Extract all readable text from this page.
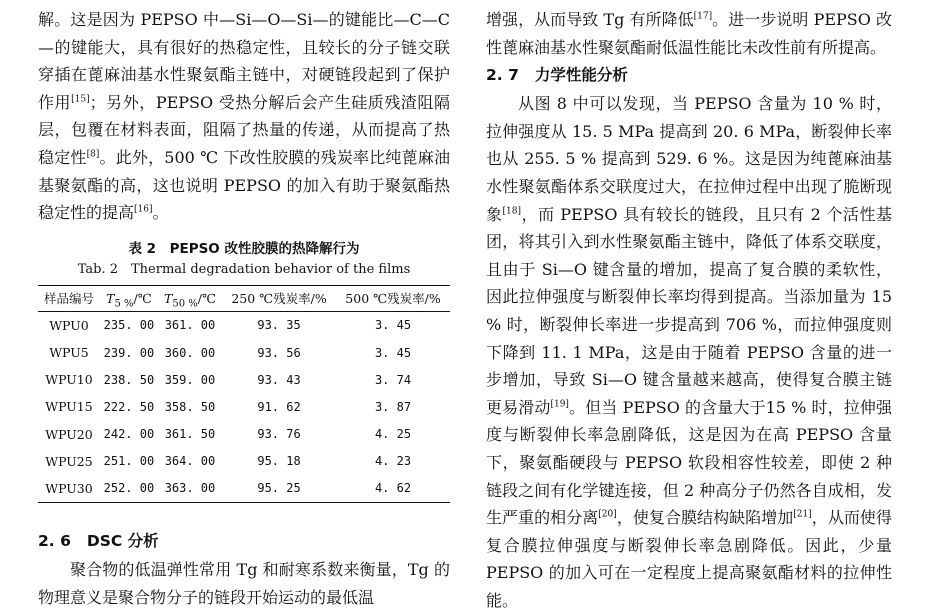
解。这是因为 PEPSO 中—Si—O—Si—的键能比—C—C—的键能大，具有很好的热稳定性，且较长的分子链交联穿插在蓖麻油基水性聚氨酯主链中，对硬链段起到了保护作用[15]；另外，PEPSO 受热分解后会产生硅质残渣阻隔层，包覆在材料表面，阻隔了热量的传递，从而提高了热稳定性[8]。此外，500 ℃ 下改性胶膜的残炭率比纯蓖麻油基聚氨酯的高，这也说明 PEPSO 的加入有助于聚氨酯热稳定性的提高[16]。

表 2　PEPSO 改性胶膜的热降解行为
Tab. 2　Thermal degradation behavior of the films
样品编号	$T_{5 \%}/℃$	$T_{50 \%}/℃$	250 ℃残炭率/%	500 ℃残炭率/%
WPU0	235. 00	361. 00	93. 35	3. 45
WPU5	239. 00	360. 00	93. 56	3. 45
WPU10	238. 50	359. 00	93. 43	3. 74
WPU15	222. 50	358. 50	91. 62	3. 87
WPU20	242. 00	361. 50	93. 76	4. 25
WPU25	251. 00	364. 00	95. 18	4. 23
WPU30	252. 00	363. 00	95. 25	4. 62
2. 6 DSC 分析

聚合物的低温弹性常用 Tg 和耐寒系数来衡量，Tg 的物理意义是聚合物分子的链段开始运动的最低温

增强，从而导致 Tg 有所降低[17]。进一步说明 PEPSO 改性蓖麻油基水性聚氨酯耐低温性能比未改性前有所提高。

2. 7 力学性能分析

从图 8 中可以发现，当 PEPSO 含量为 10 % 时，拉伸强度从 15. 5 MPa 提高到 20. 6 MPa，断裂伸长率也从 255. 5 % 提高到 529. 6 %。这是因为纯蓖麻油基水性聚氨酯体系交联度过大，在拉伸过程中出现了脆断现象[18]，而 PEPSO 具有较长的链段，且只有 2 个活性基团，将其引入到水性聚氨酯主链中，降低了体系交联度，且由于 Si—O 键含量的增加，提高了复合膜的柔软性，因此拉伸强度与断裂伸长率均得到提高。当添加量为 15 % 时，断裂伸长率进一步提高到 706 %，而拉伸强度则下降到 11. 1 MPa，这是由于随着 PEPSO 含量的进一步增加，导致 Si—O 键含量越来越高，使得复合膜主链更易滑动[19]。但当 PEPSO 的含量大于15 % 时，拉伸强度与断裂伸长率急剧降低，这是因为在高 PEPSO 含量下，聚氨酯硬段与 PEPSO 软段相容性较差，即使 2 种链段之间有化学键连接，但 2 种高分子仍然各自成相，发生严重的相分离[20]，使复合膜结构缺陷增加[21]，从而使得复合膜拉伸强度与断裂伸长率急剧降低。因此，少量 PEPSO 的加入可在一定程度上提高聚氨酯材料的拉伸性能。
